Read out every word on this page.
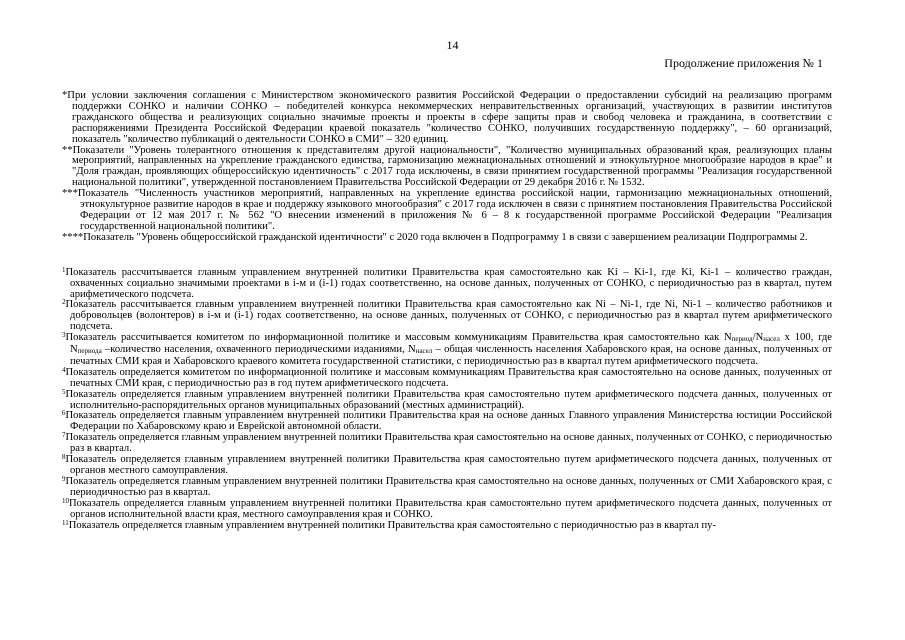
14
Продолжение приложения № 1

*При условии заключения соглашения с Министерством экономического развития Российской Федерации о предоставлении субсидий на реализацию программ поддержки СОНКО и наличии СОНКО – победителей конкурса некоммерческих неправительственных организаций, участвующих в развитии институтов гражданского общества и реализующих социально значимые проекты и проекты в сфере защиты прав и свобод человека и гражданина, в соответствии с распоряжениями Президента Российской Федерации краевой показатель "количество СОНКО, получивших государственную поддержку", – 60 организаций, показатель "количество публикаций о деятельности СОНКО в СМИ" – 320 единиц.

**Показатели "Уровень толерантного отношения к представителям другой национальности", "Количество муниципальных образований края, реализующих планы мероприятий, направленных на укрепление гражданского единства, гармонизацию межнациональных отношений и этнокультурное многообразие народов в крае" и "Доля граждан, проявляющих общероссийскую идентичность" с 2017 года исключены, в связи принятием государственной программы "Реализация государственной национальной политики", утвержденной постановлением Правительства Российской Федерации от 29 декабря 2016 г. № 1532.

***Показатель "Численность участников мероприятий, направленных на укрепление единства российской нации, гармонизацию межнациональных отношений, этнокультурное развитие народов в крае и поддержку языкового многообразия" с 2017 года исключен в связи с принятием постановления Правительства Российской Федерации от 12 мая 2017 г. № 562 "О внесении изменений в приложения № 6 – 8 к государственной программе Российской Федерации "Реализация государственной национальной политики".

****Показатель "Уровень общероссийской гражданской идентичности" с 2020 года включен в Подпрограмму 1 в связи с завершением реализации Подпрограммы 2.

$^1$Показатель рассчитывается главным управлением внутренней политики Правительства края самостоятельно как Ki – Ki-1, где Ki, Ki-1 – количество граждан, охваченных социально значимыми проектами в i-м и (i-1) годах соответственно, на основе данных, полученных от СОНКО, с периодичностью раз в квартал, путем арифметического подсчета.

$^2$Показатель рассчитывается главным управлением внутренней политики Правительства края самостоятельно как Ni – Ni-1, где Ni, Ni-1 – количество работников и добровольцев (волонтеров) в i-м и (i-1) годах соответственно, на основе данных, полученных от СОНКО, с периодичностью раз в квартал путем арифметического подсчета.

$^3$Показатель рассчитывается комитетом по информационной политике и массовым коммуникациям Правительства края самостоятельно как Nпериод/Nнасел х 100, где Nпериода –количество населения, охваченного периодическими изданиями, Nнасел – общая численность населения Хабаровского края, на основе данных, полученных от печатных СМИ края и Хабаровского краевого комитета государственной статистики, с периодичностью раз в квартал путем арифметического подсчета.

$^4$Показатель определяется комитетом по информационной политике и массовым коммуникациям Правительства края самостоятельно на основе данных, полученных от печатных СМИ края, с периодичностью раз в год путем арифметического подсчета.

$^5$Показатель определяется главным управлением внутренней политики Правительства края самостоятельно путем арифметического подсчета данных, полученных от исполнительно-распорядительных органов муниципальных образований (местных администраций).

$^6$Показатель определяется главным управлением внутренней политики Правительства края на основе данных Главного управления Министерства юстиции Российской Федерации по Хабаровскому краю и Еврейской автономной области.

$^7$Показатель определяется главным управлением внутренней политики Правительства края самостоятельно на основе данных, полученных от СОНКО, с периодичностью раз в квартал.

$^8$Показатель определяется главным управлением внутренней политики Правительства края самостоятельно путем арифметического подсчета данных, полученных от органов местного самоуправления.

$^9$Показатель определяется главным управлением внутренней политики Правительства края самостоятельно на основе данных, полученных от СМИ Хабаровского края, с периодичностью раз в квартал.

$^{10}$Показатель определяется главным управлением внутренней политики Правительства края самостоятельно путем арифметического подсчета данных, полученных от органов исполнительной власти края, местного самоуправления края и СОНКО.

$^{11}$Показатель определяется главным управлением внутренней политики Правительства края самостоятельно с периодичностью раз в квартал пу-
